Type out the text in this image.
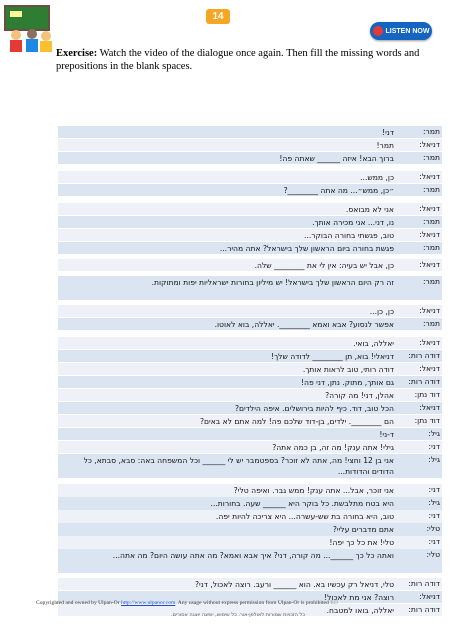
14
LISTEN NOW
Exercise: Watch the video of the dialogue once again. Then fill the missing words and prepositions in the blank spaces.
תמר:
דני!
דניאל:
תמר!
תמר:
ברוך הבא! איזה ______ שאתה פה!
דניאל:
כן, ממש...
תמר:
״כן, ממש״... מה אתה ________?
דניאל:
אני לא מבואס.
תמר:
נו, דני... אני מכירה אותך.
דניאל:
טוב, פגשתי בחורה הבוקר...
תמר:
פגשת בחורה ביום הראשון שלך בישראל? אתה מהיר...
דניאל:
כן, אבל יש בעיה: אין לי את ________ שלה.
תמר:
זה רק היום הראשון שלך בישראל! יש מיליון בחורות ישראליות יפות ומתוקות.
דניאל:
כן, כן...
תמר:
אפשר לנסוע? אבא ואמא ________. יאללה, בוא לאוטו.
דניאל:
יאללה, בואי.
דודה רות:
דניאלי! בוא, תן ________ לדודה שלך!
דניאל:
דודה רותי, טוב לראות אותך.
דודה רות:
גם אותך, מתוק. נתן, דני פה!
דוד נתן:
אהלן, דני! מה קורה?
דניאל:
הכל טוב, דוד. כיף להיות בירושלים. איפה הילדים?
דוד נתן:
הם ________. ילדים, בן-דוד שלכם פה! למה אתם לא באים?
גיל:
ד-ני!
דני:
גילי! אתה ענק! מה זה, בן כמה אתה?
גיל:
אני בן 12 וחצי! מה, אתה לא זוכר? בספטמבר יש לי ______ וכל המשפחה באה: סבא, סבתא, כל הדודים והדודות...
דני:
אני זוכר, אבל... אתה ענק! ממש גבר. ואיפה טלי?
גיל:
היא בטח מתלבשת. כל בוקר היא ______ שעה. בחורות...
דני:
טוב, היא בחורה בת שש-עשרה... היא צריכה להיות יפה.
טלי:
אתם מדברים עליי?
דני:
טלי! את כל כך יפה!
טלי:
ואתה כל כך ______... מה קורה, דני? איך אבא ואמא? מה אתה עושה היום? מה אתה...
דודה רות:
טלי, דניאל רק עכשיו בא. הוא ______ ורעב. רוצה לאכול, דני?
דניאל:
רוצה? אני מת לאכול!
דודה רות:
יאללה, בואו למטבח.
Copyrighted and owned by Ulpan-Or http://www.ulpanor.com. Any usage without express permission from Ulpan-Or is prohibited RD
כל הזכויות שמורות לאולפן-אור. כל שימוש, יופצה יוצגה אסורים.
